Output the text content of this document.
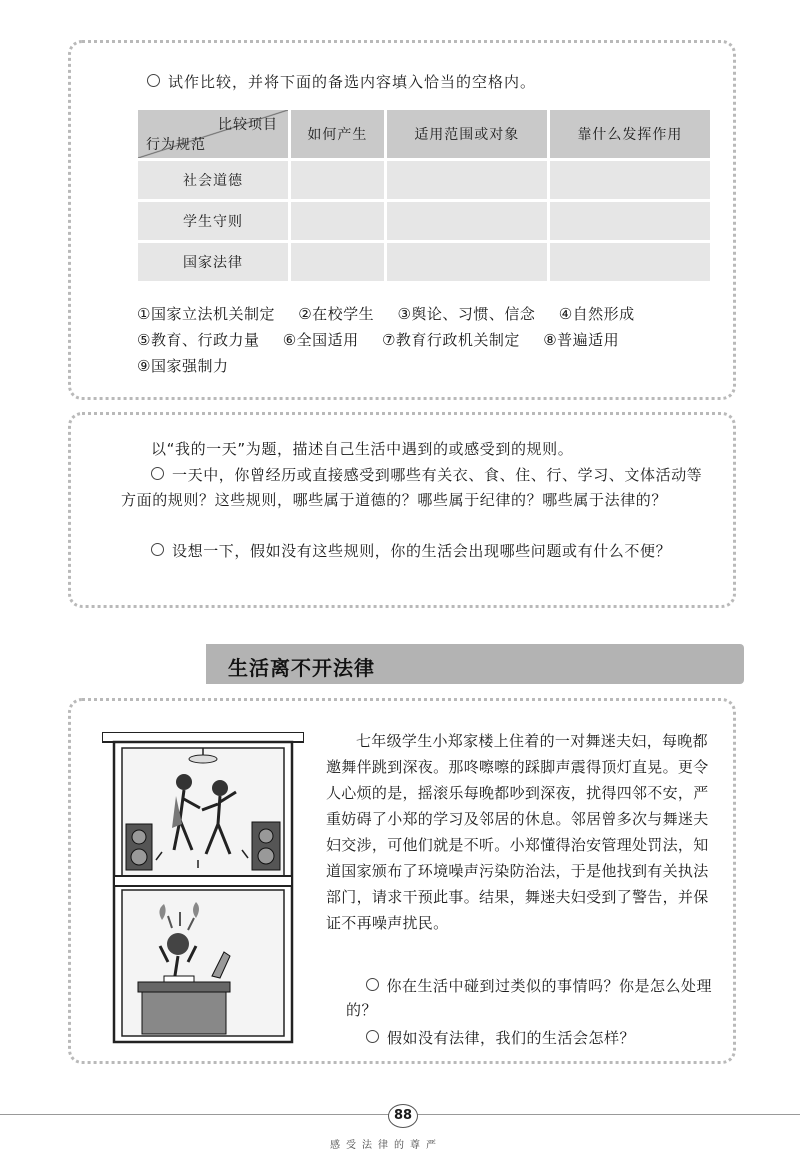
试作比较，并将下面的备选内容填入恰当的空格内。
比较项目
行为规范	如何产生	适用范围或对象	靠什么发挥作用
社会道德			
学生守则			
国家法律			
①国家立法机关制定 ②在校学生 ③舆论、习惯、信念 ④自然形成
⑤教育、行政力量 ⑥全国适用 ⑦教育行政机关制定 ⑧普遍适用
⑨国家强制力
以“我的一天”为题，描述自己生活中遇到的或感受到的规则。
一天中，你曾经历或直接感受到哪些有关衣、食、住、行、学习、文体活动等方面的规则？这些规则，哪些属于道德的？哪些属于纪律的？哪些属于法律的？
设想一下，假如没有这些规则，你的生活会出现哪些问题或有什么不便？
生活离不开法律
七年级学生小郑家楼上住着的一对舞迷夫妇，每晚都邀舞伴跳到深夜。那咚嚓嚓的踩脚声震得顶灯直晃。更令人心烦的是，摇滚乐每晚都吵到深夜，扰得四邻不安，严重妨碍了小郑的学习及邻居的休息。邻居曾多次与舞迷夫妇交涉，可他们就是不听。小郑懂得治安管理处罚法，知道国家颁布了环境噪声污染防治法，于是他找到有关执法部门，请求干预此事。结果，舞迷夫妇受到了警告，并保证不再噪声扰民。
你在生活中碰到过类似的事情吗？你是怎么处理的？
假如没有法律，我们的生活会怎样？
88
感受法律的尊严
